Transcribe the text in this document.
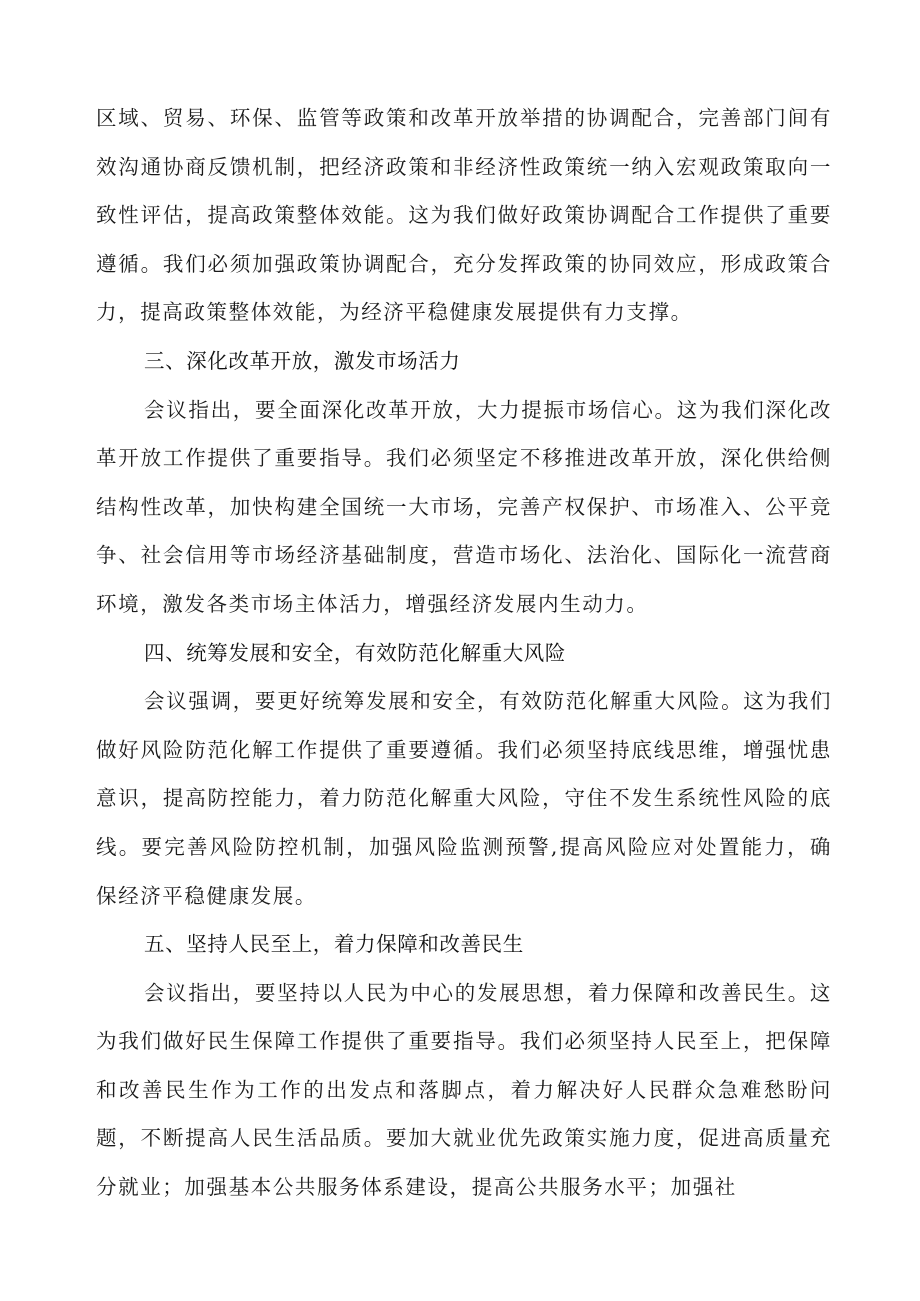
区域、贸易、环保、监管等政策和改革开放举措的协调配合，完善部门间有效沟通协商反馈机制，把经济政策和非经济性政策统一纳入宏观政策取向一致性评估，提高政策整体效能。这为我们做好政策协调配合工作提供了重要遵循。我们必须加强政策协调配合，充分发挥政策的协同效应，形成政策合力，提高政策整体效能，为经济平稳健康发展提供有力支撑。

三、深化改革开放，激发市场活力

会议指出，要全面深化改革开放，大力提振市场信心。这为我们深化改革开放工作提供了重要指导。我们必须坚定不移推进改革开放，深化供给侧结构性改革，加快构建全国统一大市场，完善产权保护、市场准入、公平竞争、社会信用等市场经济基础制度，营造市场化、法治化、国际化一流营商环境，激发各类市场主体活力，增强经济发展内生动力。

四、统筹发展和安全，有效防范化解重大风险

会议强调，要更好统筹发展和安全，有效防范化解重大风险。这为我们做好风险防范化解工作提供了重要遵循。我们必须坚持底线思维，增强忧患意识，提高防控能力，着力防范化解重大风险，守住不发生系统性风险的底线。要完善风险防控机制，加强风险监测预警,提高风险应对处置能力，确保经济平稳健康发展。

五、坚持人民至上，着力保障和改善民生

会议指出，要坚持以人民为中心的发展思想，着力保障和改善民生。这为我们做好民生保障工作提供了重要指导。我们必须坚持人民至上，把保障和改善民生作为工作的出发点和落脚点，着力解决好人民群众急难愁盼问题，不断提高人民生活品质。要加大就业优先政策实施力度，促进高质量充分就业；加强基本公共服务体系建设，提高公共服务水平；加强社
